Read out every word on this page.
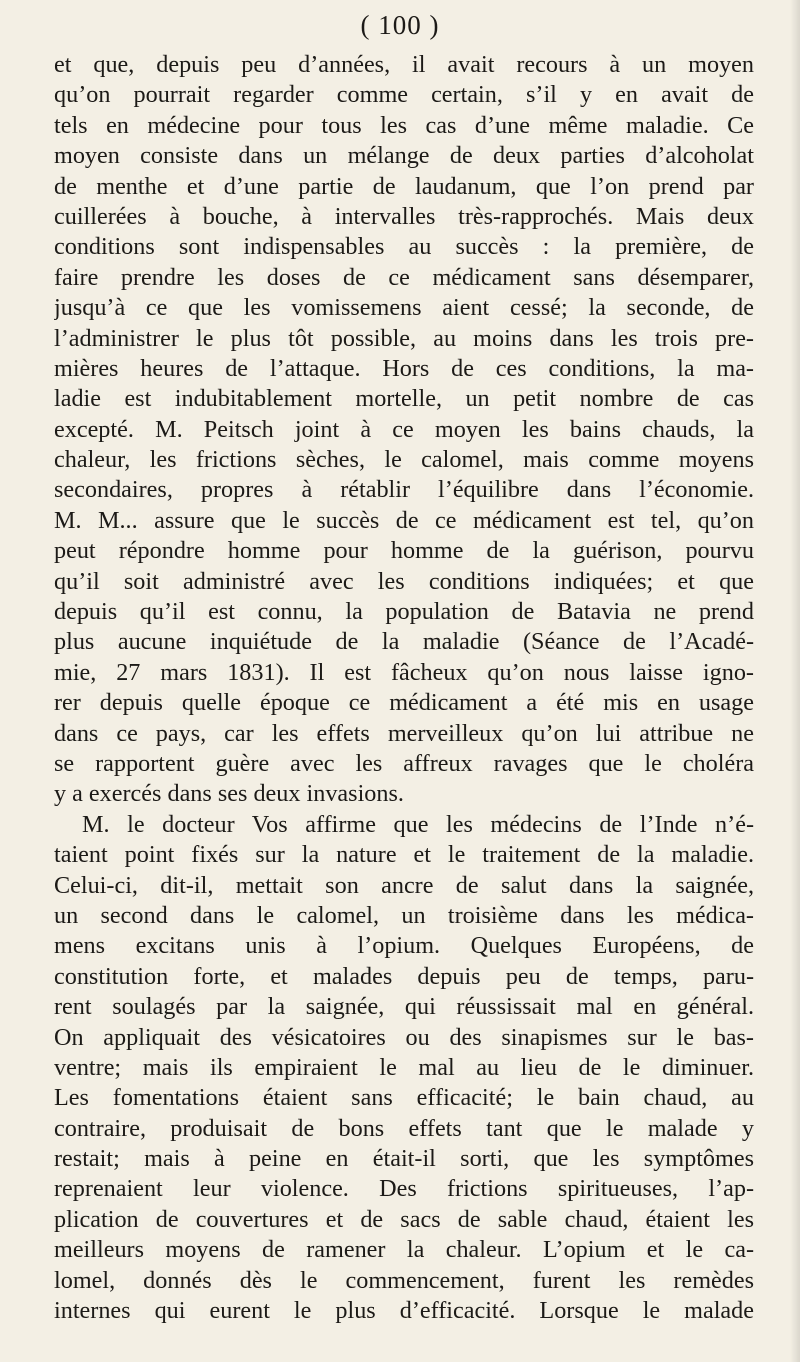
( 100 )
et que, depuis peu d’années, il avait recours à un moyen
qu’on pourrait regarder comme certain, s’il y en avait de
tels en médecine pour tous les cas d’une même maladie. Ce
moyen consiste dans un mélange de deux parties d’alcoholat
de menthe et d’une partie de laudanum, que l’on prend par
cuillerées à bouche, à intervalles très-rapprochés. Mais deux
conditions sont indispensables au succès : la première, de
faire prendre les doses de ce médicament sans désemparer,
jusqu’à ce que les vomissemens aient cessé; la seconde, de
l’administrer le plus tôt possible, au moins dans les trois pre-
mières heures de l’attaque. Hors de ces conditions, la ma-
ladie est indubitablement mortelle, un petit nombre de cas
excepté. M. Peitsch joint à ce moyen les bains chauds, la
chaleur, les frictions sèches, le calomel, mais comme moyens
secondaires, propres à rétablir l’équilibre dans l’économie.
M. M... assure que le succès de ce médicament est tel, qu’on
peut répondre homme pour homme de la guérison, pourvu
qu’il soit administré avec les conditions indiquées; et que
depuis qu’il est connu, la population de Batavia ne prend
plus aucune inquiétude de la maladie (Séance de l’Acadé-
mie, 27 mars 1831). Il est fâcheux qu’on nous laisse igno-
rer depuis quelle époque ce médicament a été mis en usage
dans ce pays, car les effets merveilleux qu’on lui attribue ne
se rapportent guère avec les affreux ravages que le choléra
y a exercés dans ses deux invasions.
M. le docteur Vos affirme que les médecins de l’Inde n’é-
taient point fixés sur la nature et le traitement de la maladie.
Celui-ci, dit-il, mettait son ancre de salut dans la saignée,
un second dans le calomel, un troisième dans les médica-
mens excitans unis à l’opium. Quelques Européens, de
constitution forte, et malades depuis peu de temps, paru-
rent soulagés par la saignée, qui réussissait mal en général.
On appliquait des vésicatoires ou des sinapismes sur le bas-
ventre; mais ils empiraient le mal au lieu de le diminuer.
Les fomentations étaient sans efficacité; le bain chaud, au
contraire, produisait de bons effets tant que le malade y
restait; mais à peine en était-il sorti, que les symptômes
reprenaient leur violence. Des frictions spiritueuses, l’ap-
plication de couvertures et de sacs de sable chaud, étaient les
meilleurs moyens de ramener la chaleur. L’opium et le ca-
lomel, donnés dès le commencement, furent les remèdes
internes qui eurent le plus d’efficacité. Lorsque le malade
